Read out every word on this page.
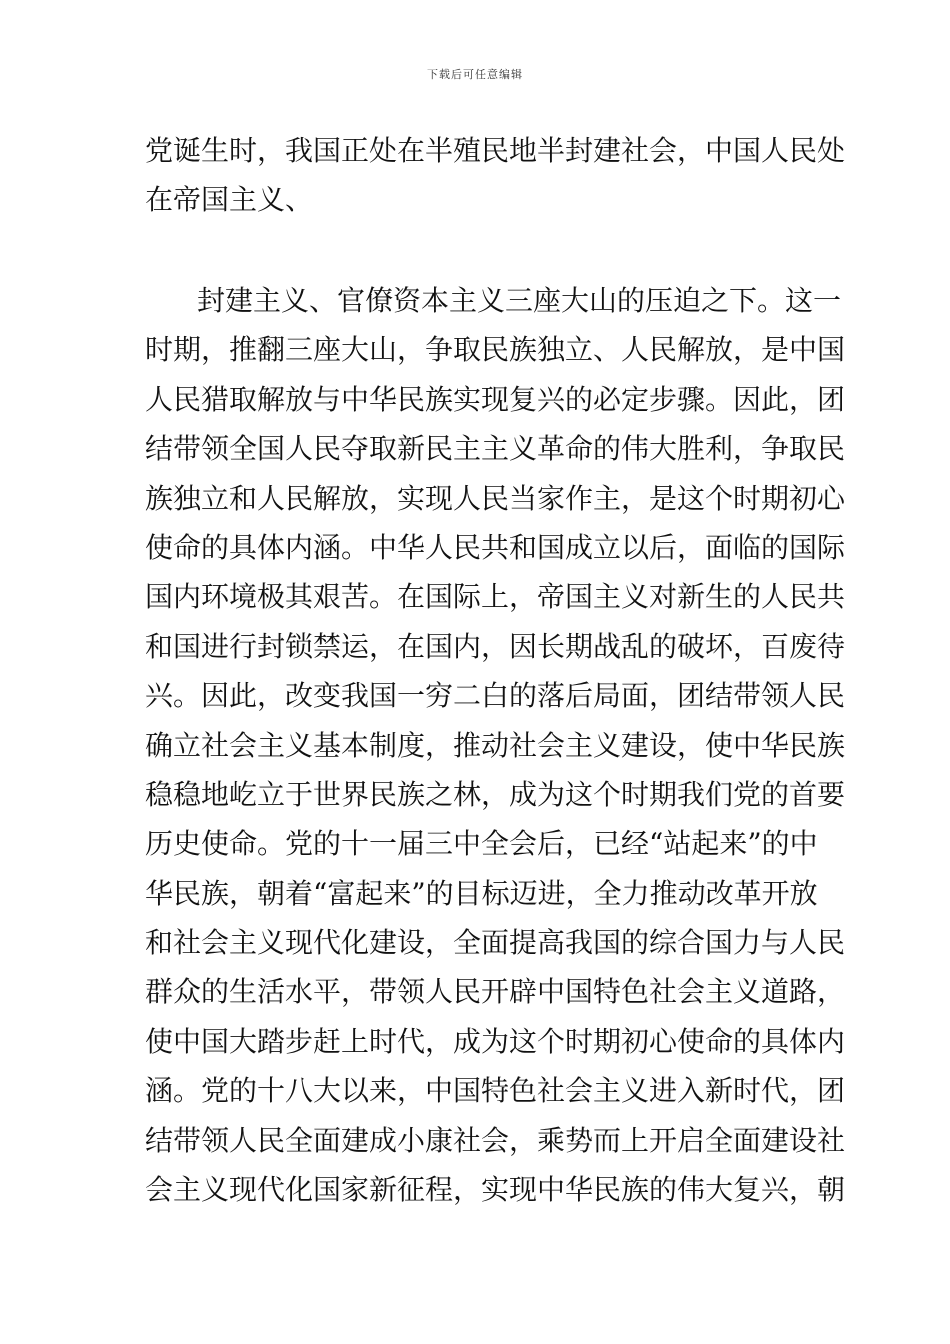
下载后可任意编辑
党诞生时，我国正处在半殖民地半封建社会，中国人民处
在帝国主义、
封建主义、官僚资本主义三座大山的压迫之下。这一
时期，推翻三座大山，争取民族独立、人民解放，是中国
人民猎取解放与中华民族实现复兴的必定步骤。因此，团
结带领全国人民夺取新民主主义革命的伟大胜利，争取民
族独立和人民解放，实现人民当家作主，是这个时期初心
使命的具体内涵。中华人民共和国成立以后，面临的国际
国内环境极其艰苦。在国际上，帝国主义对新生的人民共
和国进行封锁禁运，在国内，因长期战乱的破坏，百废待
兴。因此，改变我国一穷二白的落后局面，团结带领人民
确立社会主义基本制度，推动社会主义建设，使中华民族
稳稳地屹立于世界民族之林，成为这个时期我们党的首要
历史使命。党的十一届三中全会后，已经“站起来”的中
华民族，朝着“富起来”的目标迈进，全力推动改革开放
和社会主义现代化建设，全面提高我国的综合国力与人民
群众的生活水平，带领人民开辟中国特色社会主义道路，
使中国大踏步赶上时代，成为这个时期初心使命的具体内
涵。党的十八大以来，中国特色社会主义进入新时代，团
结带领人民全面建成小康社会，乘势而上开启全面建设社
会主义现代化国家新征程，实现中华民族的伟大复兴，朝
